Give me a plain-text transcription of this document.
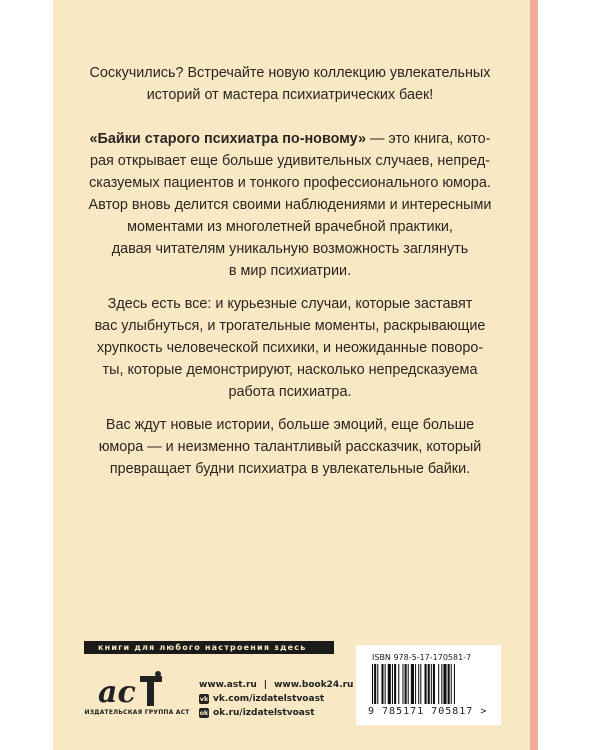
Соскучились? Встречайте новую коллекцию увлекательных
историй от мастера психиатрических баек!

«Байки старого психиатра по-новому» — это книга, кото-
рая открывает еще больше удивительных случаев, непред-
сказуемых пациентов и тонкого профессионального юмора.
Автор вновь делится своими наблюдениями и интересными
моментами из многолетней врачебной практики,
давая читателям уникальную возможность заглянуть
в мир психиатрии.

Здесь есть все: и курьезные случаи, которые заставят
вас улыбнуться, и трогательные моменты, раскрывающие
хрупкость человеческой психики, и неожиданные поворо-
ты, которые демонстрируют, насколько непредсказуема
работа психиатра.

Вас ждут новые истории, больше эмоций, еще больше
юмора — и неизменно талантливый рассказчик, который
превращает будни психиатра в увлекательные байки.

книги для любого настроения здесь
ac
ИЗДАТЕЛЬСКАЯ ГРУППА АСТ
www.ast.ru | www.book24.ru
vk vk.com/izdatelstvoast
ok ok.ru/izdatelstvoast
ISBN 978-5-17-170581-7
9 785171 705817 >
